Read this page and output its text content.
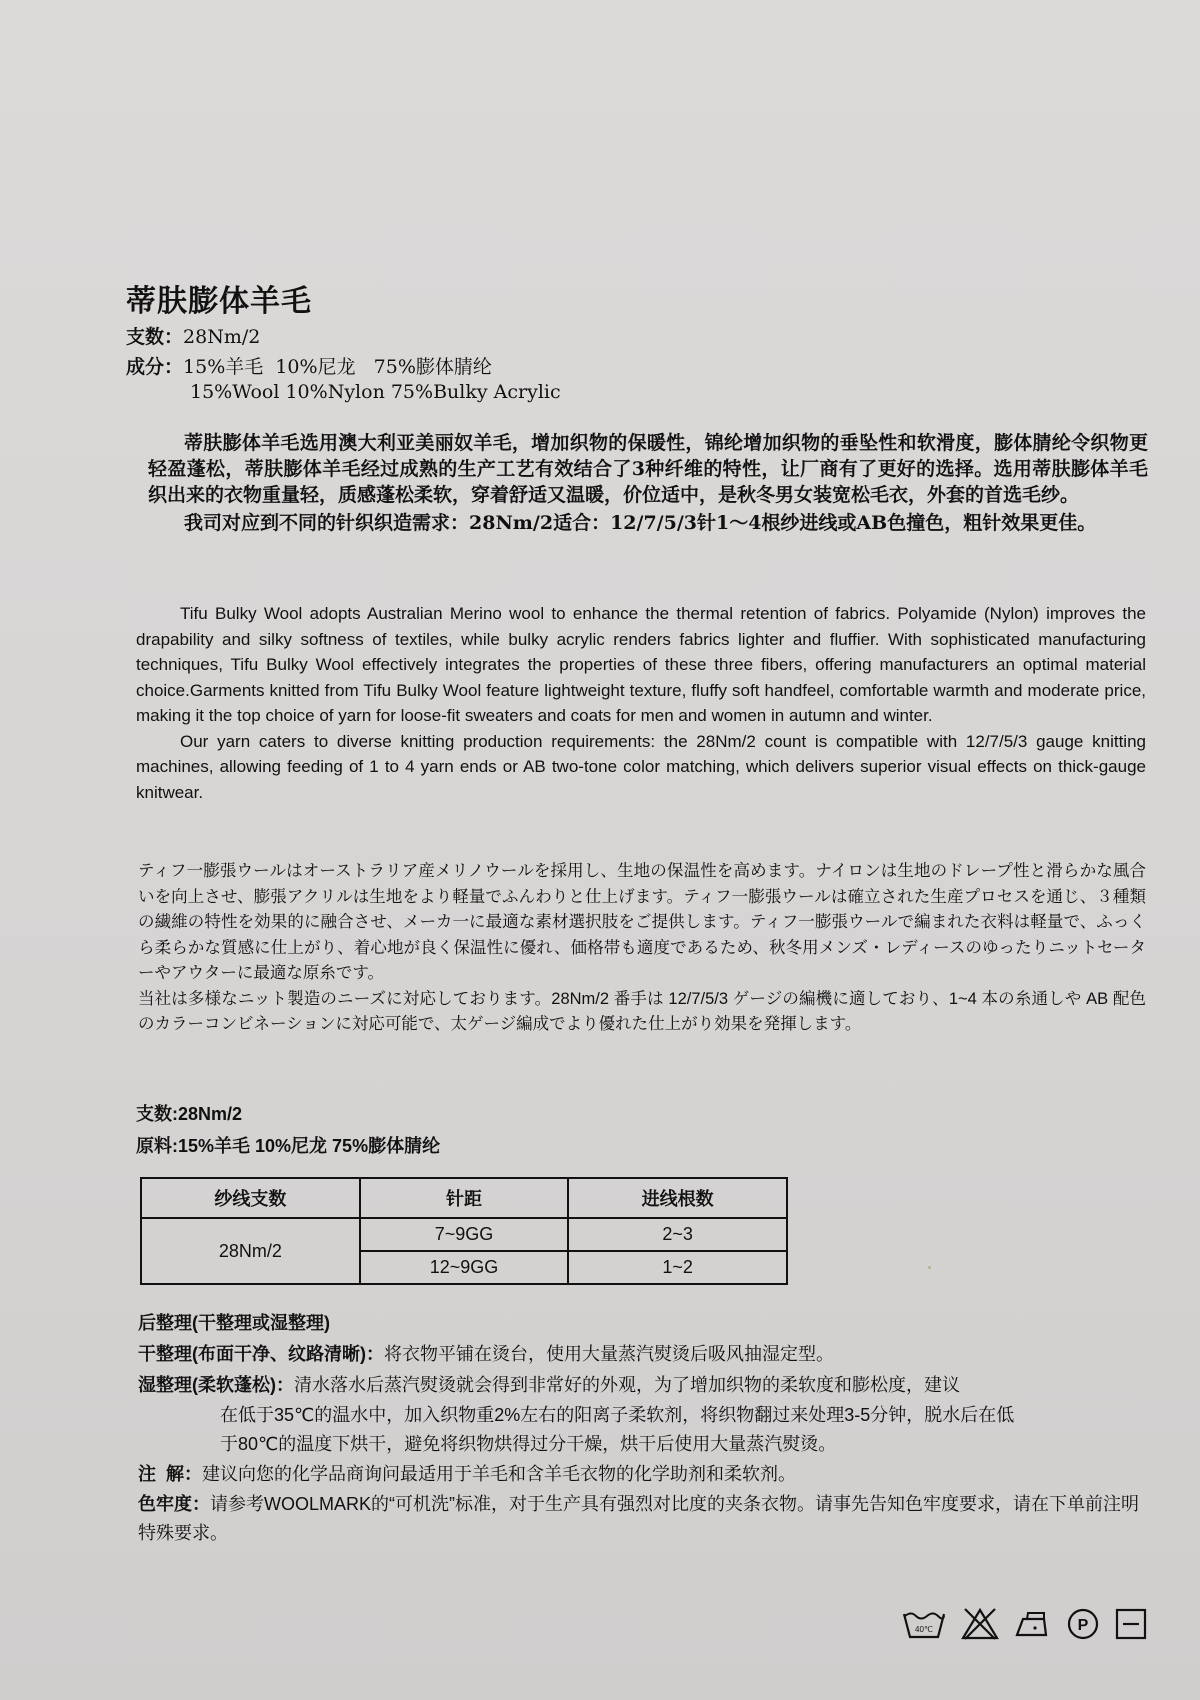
蒂肤膨体羊毛
支数：28Nm/2
成分：15%羊毛  10%尼龙   75%膨体腈纶
15%Wool 10%Nylon 75%Bulky Acrylic

蒂肤膨体羊毛选用澳大利亚美丽奴羊毛，增加织物的保暖性，锦纶增加织物的垂坠性和软滑度，膨体腈纶令织物更轻盈蓬松，蒂肤膨体羊毛经过成熟的生产工艺有效结合了3种纤维的特性，让厂商有了更好的选择。选用蒂肤膨体羊毛织出来的衣物重量轻，质感蓬松柔软，穿着舒适又温暖，价位适中，是秋冬男女装宽松毛衣，外套的首选毛纱。

我司对应到不同的针织织造需求：28Nm/2适合：12/7/5/3针1～4根纱进线或AB色撞色，粗针效果更佳。

Tifu Bulky Wool adopts Australian Merino wool to enhance the thermal retention of fabrics. Polyamide (Nylon) improves the drapability and silky softness of textiles, while bulky acrylic renders fabrics lighter and fluffier. With sophisticated manufacturing techniques, Tifu Bulky Wool effectively integrates the properties of these three fibers, offering manufacturers an optimal material choice.Garments knitted from Tifu Bulky Wool feature lightweight texture, fluffy soft handfeel, comfortable warmth and moderate price, making it the top choice of yarn for loose-fit sweaters and coats for men and women in autumn and winter.

Our yarn caters to diverse knitting production requirements: the 28Nm/2 count is compatible with 12/7/5/3 gauge knitting machines, allowing feeding of 1 to 4 yarn ends or AB two-tone color matching, which delivers superior visual effects on thick-gauge knitwear.

ティフ一膨張ウールはオーストラリア産メリノウールを採用し、生地の保温性を高めます。ナイロンは生地のドレープ性と滑らかな風合いを向上させ、膨張アクリルは生地をより軽量でふんわりと仕上げます。ティフ一膨張ウールは確立された生産プロセスを通じ、３種類の繊維の特性を効果的に融合させ、メーカ一に最適な素材選択肢をご提供します。ティフ一膨張ウールで編まれた衣料は軽量で、ふっくら柔らかな質感に仕上がり、着心地が良く保温性に優れ、価格帯も適度であるため、秋冬用メンズ・レディースのゆったりニットセーターやアウターに最適な原糸です。

当社は多様なニット製造のニーズに対応しております。28Nm/2 番手は 12/7/5/3 ゲージの編機に適しており、1~4 本の糸通しや AB 配色のカラーコンビネーションに対応可能で、太ゲージ編成でより優れた仕上がり効果を発揮します。

支数:28Nm/2
原料:15%羊毛 10%尼龙 75%膨体腈纶
纱线支数	针距	进线根数
28Nm/2	7~9GG	2~3
	12~9GG	1~2
后整理(干整理或湿整理)
干整理(布面干净、纹路清晰)：将衣物平铺在烫台，使用大量蒸汽熨烫后吸风抽湿定型。
湿整理(柔软蓬松)：清水落水后蒸汽熨烫就会得到非常好的外观，为了增加织物的柔软度和膨松度，建议
在低于35℃的温水中，加入织物重2%左右的阳离子柔软剂，将织物翻过来处理3-5分钟，脱水后在低
于80℃的温度下烘干，避免将织物烘得过分干燥，烘干后使用大量蒸汽熨烫。
注  解：建议向您的化学品商询问最适用于羊毛和含羊毛衣物的化学助剂和柔软剂。
色牢度：请参考WOOLMARK的“可机洗”标准，对于生产具有强烈对比度的夹条衣物。请事先告知色牢度要求，请在下单前注明特殊要求。
40℃	P
